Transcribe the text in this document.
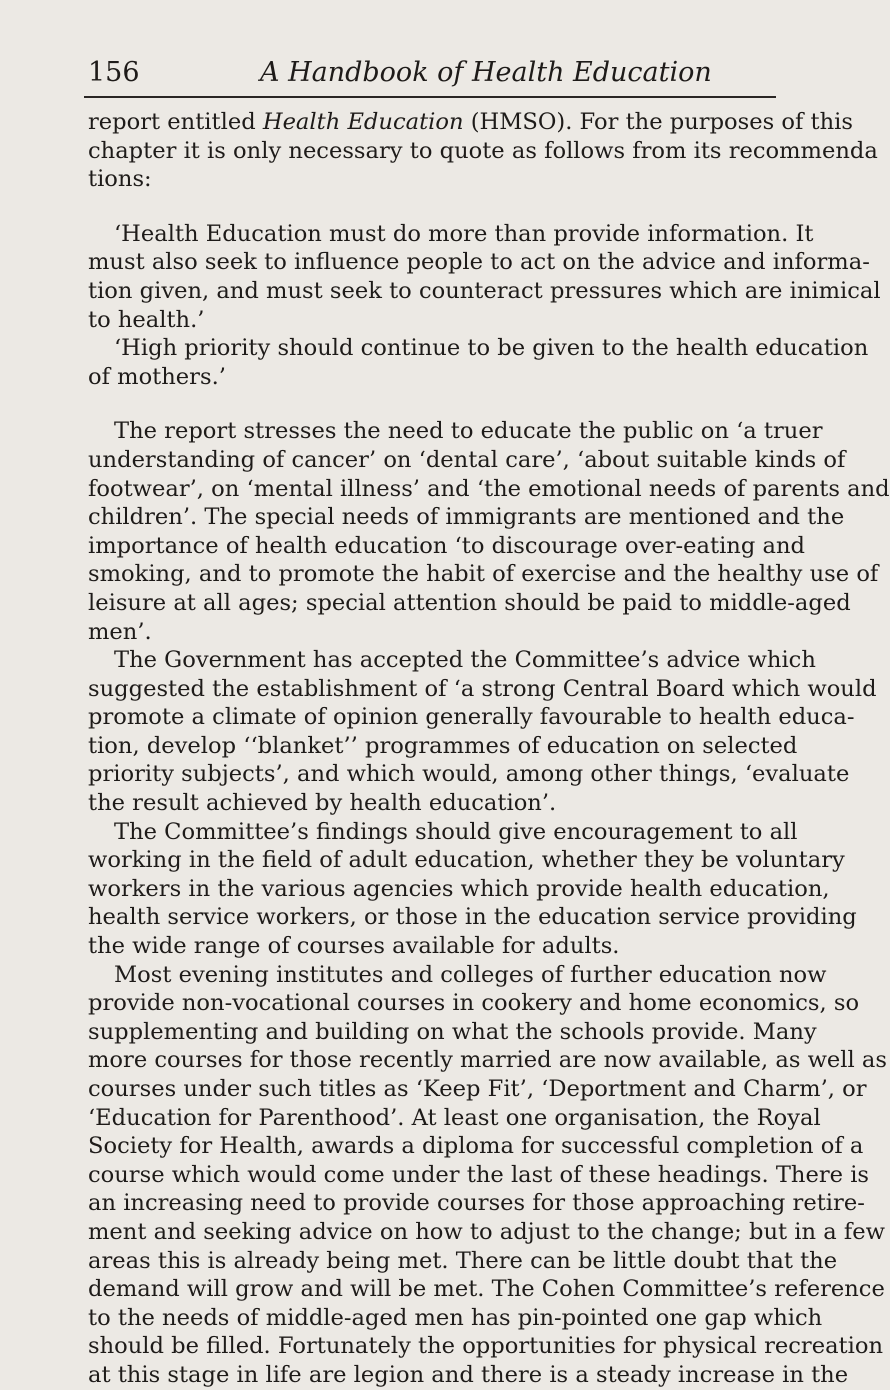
156	A Handbook of Health Education
report entitled Health Education (HMSO). For the purposes of this
chapter it is only necessary to quote as follows from its recommenda
tions:
‘Health Education must do more than provide information. It
must also seek to influence people to act on the advice and informa-
tion given, and must seek to counteract pressures which are inimical
to health.’
‘High priority should continue to be given to the health education
of mothers.’
The report stresses the need to educate the public on ‘a truer
understanding of cancer’ on ‘dental care’, ‘about suitable kinds of
footwear’, on ‘mental illness’ and ‘the emotional needs of parents and
children’. The special needs of immigrants are mentioned and the
importance of health education ‘to discourage over-eating and
smoking, and to promote the habit of exercise and the healthy use of
leisure at all ages; special attention should be paid to middle-aged
men’.
The Government has accepted the Committee’s advice which
suggested the establishment of ‘a strong Central Board which would
promote a climate of opinion generally favourable to health educa-
tion, develop ‘‘blanket’’ programmes of education on selected
priority subjects’, and which would, among other things, ‘evaluate
the result achieved by health education’.
The Committee’s findings should give encouragement to all
working in the field of adult education, whether they be voluntary
workers in the various agencies which provide health education,
health service workers, or those in the education service providing
the wide range of courses available for adults.
Most evening institutes and colleges of further education now
provide non-vocational courses in cookery and home economics, so
supplementing and building on what the schools provide. Many
more courses for those recently married are now available, as well as
courses under such titles as ‘Keep Fit’, ‘Deportment and Charm’, or
‘Education for Parenthood’. At least one organisation, the Royal
Society for Health, awards a diploma for successful completion of a
course which would come under the last of these headings. There is
an increasing need to provide courses for those approaching retire-
ment and seeking advice on how to adjust to the change; but in a few
areas this is already being met. There can be little doubt that the
demand will grow and will be met. The Cohen Committee’s reference
to the needs of middle-aged men has pin-pointed one gap which
should be filled. Fortunately the opportunities for physical recreation
at this stage in life are legion and there is a steady increase in the
